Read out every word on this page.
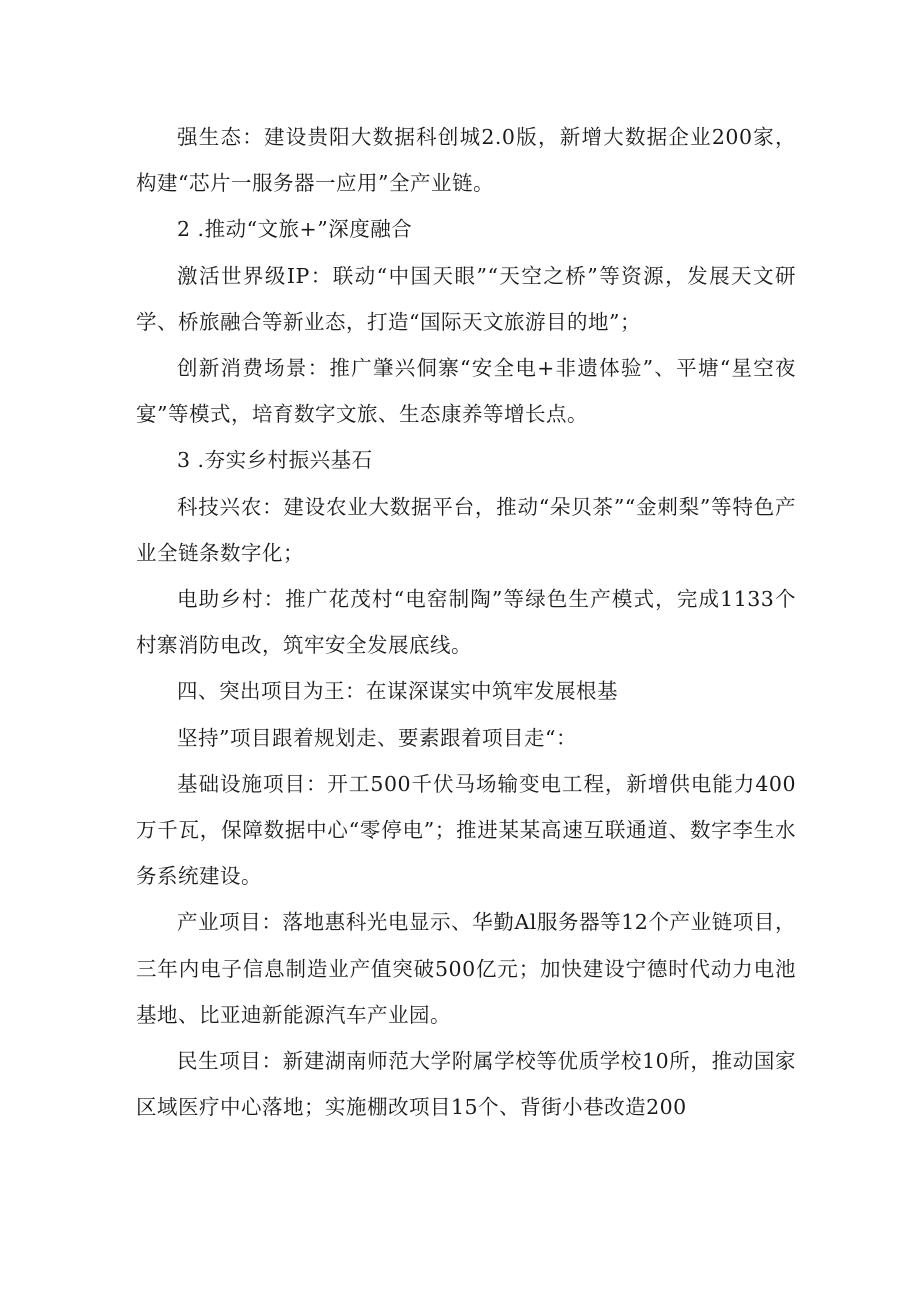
强生态：建设贵阳大数据科创城2.0版，新增大数据企业200家，构建“芯片一服务器一应用”全产业链。

2 .推动“文旅+”深度融合

激活世界级IP：联动“中国天眼”“天空之桥”等资源，发展天文研学、桥旅融合等新业态，打造“国际天文旅游目的地”；

创新消费场景：推广肇兴侗寨“安全电+非遗体验”、平塘“星空夜宴”等模式，培育数字文旅、生态康养等增长点。

3 .夯实乡村振兴基石

科技兴农：建设农业大数据平台，推动“朵贝茶”“金刺梨”等特色产业全链条数字化；

电助乡村：推广花茂村“电窑制陶”等绿色生产模式，完成1133个村寨消防电改，筑牢安全发展底线。

四、突出项目为王：在谋深谋实中筑牢发展根基

坚持”项目跟着规划走、要素跟着项目走“：

基础设施项目：开工500千伏马场输变电工程，新增供电能力400万千瓦，保障数据中心“零停电”；推进某某高速互联通道、数字李生水务系统建设。

产业项目：落地惠科光电显示、华勤Al服务器等12个产业链项目，三年内电子信息制造业产值突破500亿元；加快建设宁德时代动力电池基地、比亚迪新能源汽车产业园。

民生项目：新建湖南师范大学附属学校等优质学校10所，推动国家区域医疗中心落地；实施棚改项目15个、背街小巷改造200
